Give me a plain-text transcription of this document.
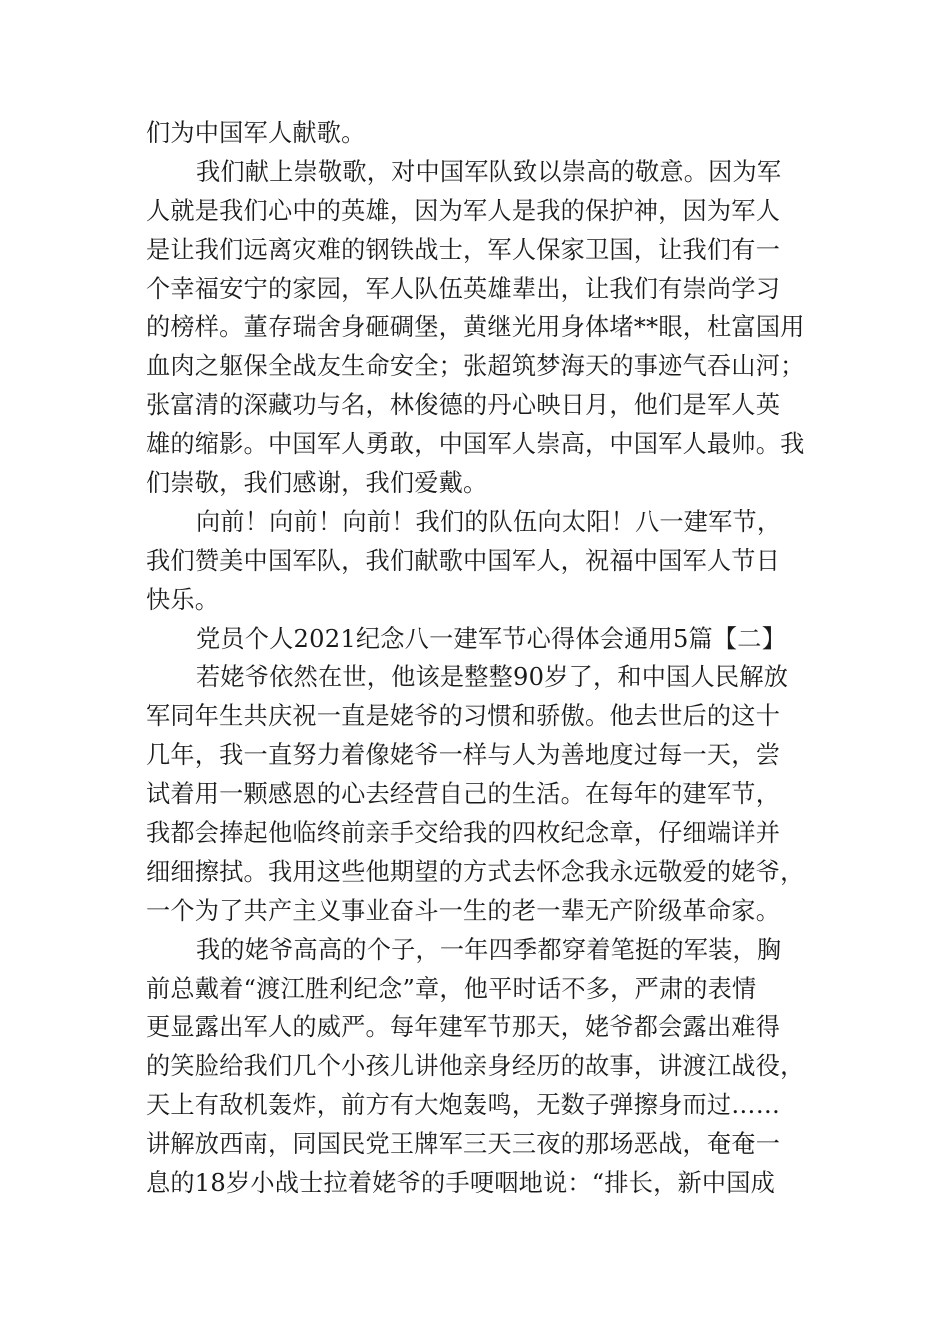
们为中国军人献歌。
我们献上崇敬歌，对中国军队致以崇高的敬意。因为军
人就是我们心中的英雄，因为军人是我的保护神，因为军人
是让我们远离灾难的钢铁战士，军人保家卫国，让我们有一
个幸福安宁的家园，军人队伍英雄辈出，让我们有崇尚学习
的榜样。董存瑞舍身砸碉堡，黄继光用身体堵**眼，杜富国用
血肉之躯保全战友生命安全；张超筑梦海天的事迹气吞山河；
张富清的深藏功与名，林俊德的丹心映日月，他们是军人英
雄的缩影。中国军人勇敢，中国军人崇高，中国军人最帅。我
们崇敬，我们感谢，我们爱戴。
向前！向前！向前！我们的队伍向太阳！八一建军节，
我们赞美中国军队，我们献歌中国军人，祝福中国军人节日
快乐。
党员个人2021纪念八一建军节心得体会通用5篇【二】
若姥爷依然在世，他该是整整90岁了，和中国人民解放
军同年生共庆祝一直是姥爷的习惯和骄傲。他去世后的这十
几年，我一直努力着像姥爷一样与人为善地度过每一天，尝
试着用一颗感恩的心去经营自己的生活。在每年的建军节，
我都会捧起他临终前亲手交给我的四枚纪念章，仔细端详并
细细擦拭。我用这些他期望的方式去怀念我永远敬爱的姥爷，
一个为了共产主义事业奋斗一生的老一辈无产阶级革命家。
我的姥爷高高的个子，一年四季都穿着笔挺的军装，胸
前总戴着“渡江胜利纪念”章，他平时话不多，严肃的表情
更显露出军人的威严。每年建军节那天，姥爷都会露出难得
的笑脸给我们几个小孩儿讲他亲身经历的故事，讲渡江战役，
天上有敌机轰炸，前方有大炮轰鸣，无数子弹擦身而过……
讲解放西南，同国民党王牌军三天三夜的那场恶战，奄奄一
息的18岁小战士拉着姥爷的手哽咽地说：“排长，新中国成
